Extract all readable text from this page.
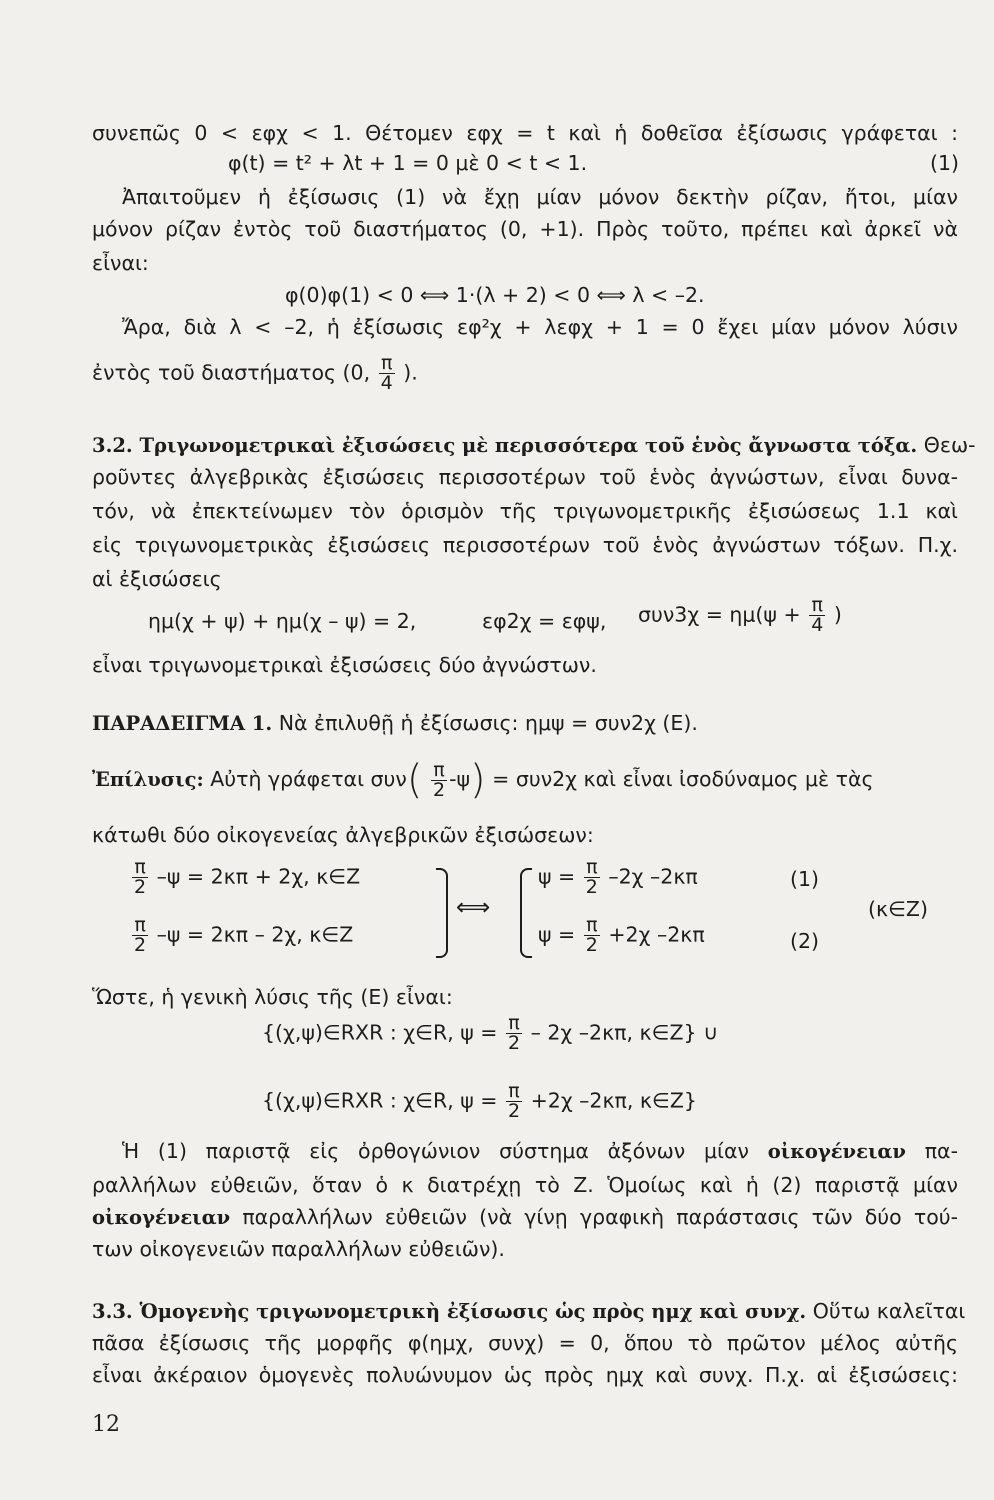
συνεπῶς 0 < εφχ < 1. Θέτομεν εφχ = t καὶ ἡ δοθεῖσα ἐξίσωσις γράφεται :
φ(t) = t² + λt + 1 = 0 μὲ 0 < t < 1.	(1)
Ἀπαιτοῦμεν ἡ ἐξίσωσις (1) νὰ ἔχῃ μίαν μόνον δεκτὴν ρίζαν, ἤτοι, μίαν
μόνον ρίζαν ἐντὸς τοῦ διαστήματος (0, +1). Πρὸς τοῦτο, πρέπει καὶ ἀρκεῖ νὰ
εἶναι:
φ(0)φ(1) < 0 ⟺ 1·(λ + 2) < 0 ⟺ λ < –2.
Ἄρα, διὰ λ < –2, ἡ ἐξίσωσις εφ²χ + λεφχ + 1 = 0 ἔχει μίαν μόνον λύσιν
ἐντὸς τοῦ διαστήματος (0, $\frac{\pi}{4}$ ).
3.2. Τριγωνομετρικαὶ ἐξισώσεις μὲ περισσότερα τοῦ ἑνὸς ἄγνωστα τόξα. Θεω-
ροῦντες ἀλγεβρικὰς ἐξισώσεις περισσοτέρων τοῦ ἑνὸς ἀγνώστων, εἶναι δυνα-
τόν, νὰ ἐπεκτείνωμεν τὸν ὁρισμὸν τῆς τριγωνομετρικῆς ἐξισώσεως 1.1 καὶ
εἰς τριγωνομετρικὰς ἐξισώσεις περισσοτέρων τοῦ ἑνὸς ἀγνώστων τόξων. Π.χ.
αἱ ἐξισώσεις
ημ(χ + ψ) + ημ(χ – ψ) = 2,	εφ2χ = εφψ, $\sigma\upsilon\nu 3\chi = \eta\mu(\psi + \frac{\pi}{4}$ )
εἶναι τριγωνομετρικαὶ ἐξισώσεις δύο ἀγνώστων.
ΠΑΡΑΔΕΙΓΜΑ 1. Νὰ ἐπιλυθῇ ἡ ἐξίσωσις: ημψ = συν2χ (Ε).
Ἐπίλυσις: Αὐτὴ γράφεται $\sigma\upsilon\nu( \frac{\pi}{2} -\psi) = \sigma\upsilon\nu 2\chi$ καὶ εἶναι ἰσοδύναμος μὲ τὰς
κάτωθι δύο οἰκογενείας ἀλγεβρικῶν ἐξισώσεων:
$\frac{\pi}{2} -\psi = 2\kappa\pi + 2\chi$, κ∈Ζ
$\frac{\pi}{2} -\psi = 2\kappa\pi - 2\chi$, κ∈Ζ
⟺
$\psi = \frac{\pi}{2} -2\chi$ –2κπ	(1)
$\psi = \frac{\pi}{2} +2\chi$ –2κπ	(2)
(κ∈Ζ)
Ὥστε, ἡ γενικὴ λύσις τῆς (Ε) εἶναι:
{(χ,ψ)∈RXR : χ∈R, $\psi = \frac{\pi}{2} - 2\chi$ –2κπ, κ∈Ζ} ∪
{(χ,ψ)∈RXR : χ∈R, $\psi = \frac{\pi}{2} +2\chi$ –2κπ, κ∈Ζ}
Ἡ (1) παριστᾷ εἰς ὀρθογώνιον σύστημα ἀξόνων μίαν οἰκογένειαν πα-
ραλλήλων εὐθειῶν, ὅταν ὁ κ διατρέχῃ τὸ Ζ. Ὁμοίως καὶ ἡ (2) παριστᾷ μίαν
οἰκογένειαν παραλλήλων εὐθειῶν (νὰ γίνῃ γραφικὴ παράστασις τῶν δύο τού-
των οἰκογενειῶν παραλλήλων εὐθειῶν).
3.3. Ὁμογενὴς τριγωνομετρικὴ ἐξίσωσις ὡς πρὸς ημχ καὶ συνχ. Οὕτω καλεῖται
πᾶσα ἐξίσωσις τῆς μορφῆς φ(ημχ, συνχ) = 0, ὅπου τὸ πρῶτον μέλος αὐτῆς
εἶναι ἀκέραιον ὁμογενὲς πολυώνυμον ὡς πρὸς ημχ καὶ συνχ. Π.χ. αἱ ἐξισώσεις:
12
